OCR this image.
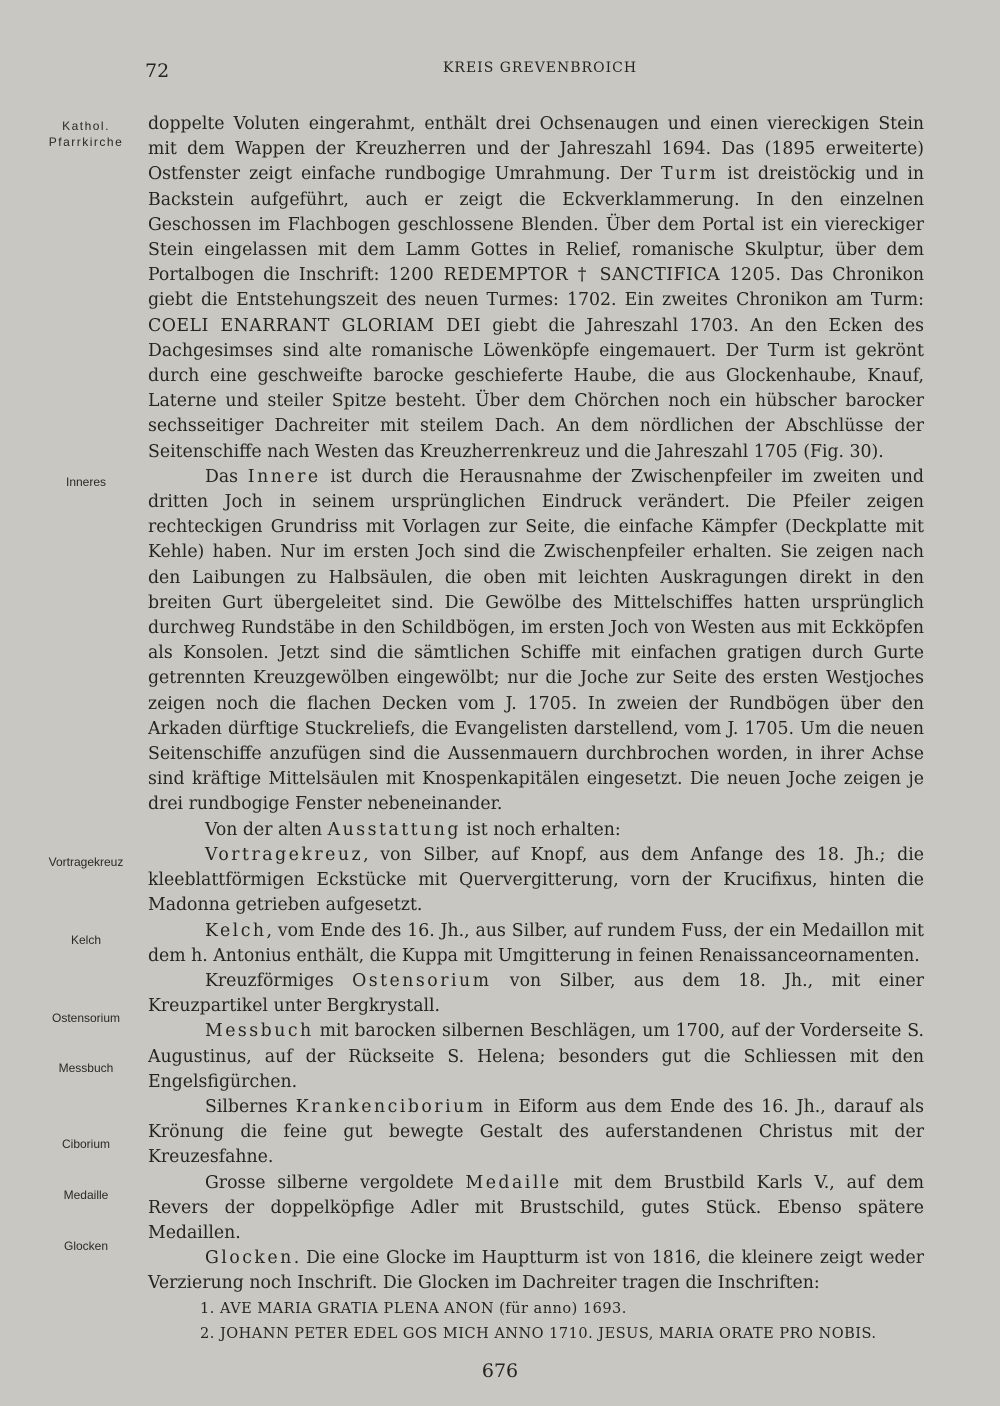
72	KREIS GREVENBROICH
Kathol. Pfarrkirche
Inneres
Vortragekreuz
Kelch
Ostensorium
Messbuch
Ciborium
Medaille
Glocken

doppelte Voluten eingerahmt, enthält drei Ochsenaugen und einen viereckigen Stein mit dem Wappen der Kreuzherren und der Jahreszahl 1694. Das (1895 erweiterte) Ostfenster zeigt einfache rundbogige Umrahmung. Der Turm ist dreistöckig und in Backstein aufgeführt, auch er zeigt die Eckverklammerung. In den einzelnen Geschossen im Flachbogen geschlossene Blenden. Über dem Portal ist ein viereckiger Stein eingelassen mit dem Lamm Gottes in Relief, romanische Skulptur, über dem Portalbogen die Inschrift: 1200 REDEMPTOR † SANCTIFICA 1205. Das Chronikon giebt die Entstehungszeit des neuen Turmes: 1702. Ein zweites Chronikon am Turm: COELI ENARRANT GLORIAM DEI giebt die Jahreszahl 1703. An den Ecken des Dachgesimses sind alte romanische Löwenköpfe eingemauert. Der Turm ist gekrönt durch eine geschweifte barocke geschieferte Haube, die aus Glockenhaube, Knauf, Laterne und steiler Spitze besteht. Über dem Chörchen noch ein hübscher barocker sechsseitiger Dachreiter mit steilem Dach. An dem nördlichen der Abschlüsse der Seitenschiffe nach Westen das Kreuzherrenkreuz und die Jahreszahl 1705 (Fig. 30).

Das Innere ist durch die Herausnahme der Zwischenpfeiler im zweiten und dritten Joch in seinem ursprünglichen Eindruck verändert. Die Pfeiler zeigen rechteckigen Grundriss mit Vorlagen zur Seite, die einfache Kämpfer (Deckplatte mit Kehle) haben. Nur im ersten Joch sind die Zwischenpfeiler erhalten. Sie zeigen nach den Laibungen zu Halbsäulen, die oben mit leichten Auskragungen direkt in den breiten Gurt übergeleitet sind. Die Gewölbe des Mittelschiffes hatten ursprünglich durchweg Rundstäbe in den Schildbögen, im ersten Joch von Westen aus mit Eckköpfen als Konsolen. Jetzt sind die sämtlichen Schiffe mit einfachen gratigen durch Gurte getrennten Kreuzgewölben eingewölbt; nur die Joche zur Seite des ersten Westjoches zeigen noch die flachen Decken vom J. 1705. In zweien der Rundbögen über den Arkaden dürftige Stuckreliefs, die Evangelisten darstellend, vom J. 1705. Um die neuen Seitenschiffe anzufügen sind die Aussenmauern durchbrochen worden, in ihrer Achse sind kräftige Mittelsäulen mit Knospenkapitälen eingesetzt. Die neuen Joche zeigen je drei rundbogige Fenster nebeneinander.

Von der alten Ausstattung ist noch erhalten:

Vortragekreuz, von Silber, auf Knopf, aus dem Anfange des 18. Jh.; die kleeblattförmigen Eckstücke mit Quervergitterung, vorn der Krucifixus, hinten die Madonna getrieben aufgesetzt.

Kelch, vom Ende des 16. Jh., aus Silber, auf rundem Fuss, der ein Medaillon mit dem h. Antonius enthält, die Kuppa mit Umgitterung in feinen Renaissanceornamenten.

Kreuzförmiges Ostensorium von Silber, aus dem 18. Jh., mit einer Kreuzpartikel unter Bergkrystall.

Messbuch mit barocken silbernen Beschlägen, um 1700, auf der Vorderseite S. Augustinus, auf der Rückseite S. Helena; besonders gut die Schliessen mit den Engelsfigürchen.

Silbernes Krankenciborium in Eiform aus dem Ende des 16. Jh., darauf als Krönung die feine gut bewegte Gestalt des auferstandenen Christus mit der Kreuzesfahne.

Grosse silberne vergoldete Medaille mit dem Brustbild Karls V., auf dem Revers der doppelköpfige Adler mit Brustschild, gutes Stück. Ebenso spätere Medaillen.

Glocken. Die eine Glocke im Hauptturm ist von 1816, die kleinere zeigt weder Verzierung noch Inschrift. Die Glocken im Dachreiter tragen die Inschriften:

1. AVE MARIA GRATIA PLENA ANON (für anno) 1693.

2. JOHANN PETER EDEL GOS MICH ANNO 1710. JESUS, MARIA ORATE PRO NOBIS.

676
